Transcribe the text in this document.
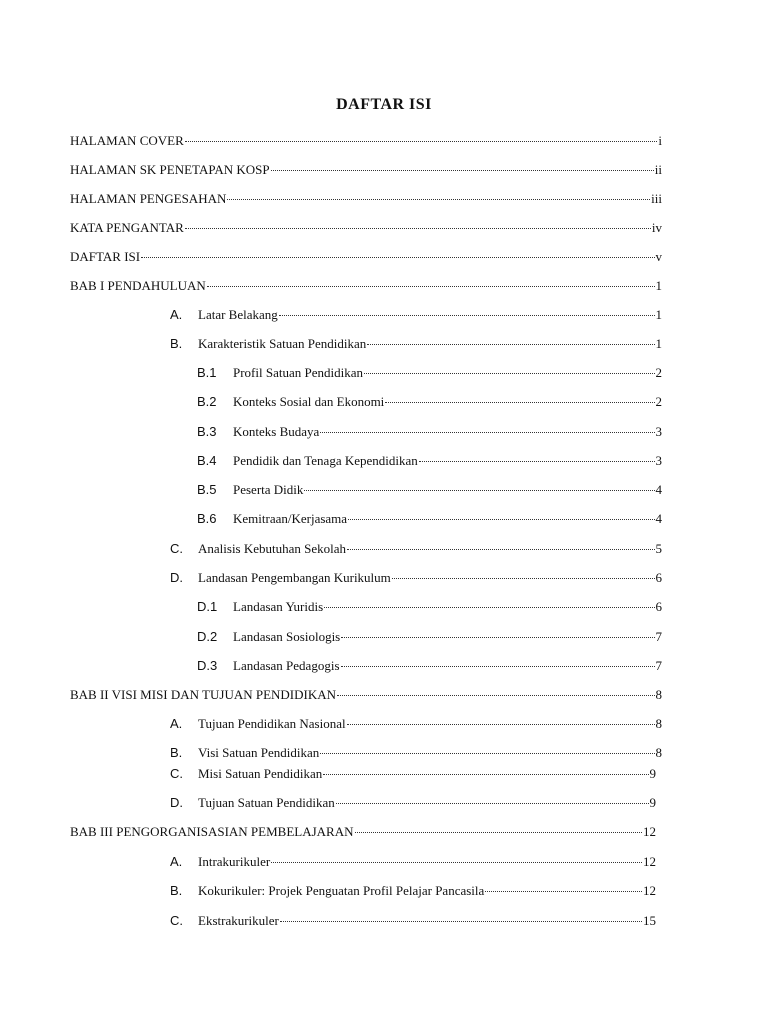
DAFTAR ISI
HALAMAN COVER	i
HALAMAN SK PENETAPAN KOSP	ii
HALAMAN PENGESAHAN	iii
KATA PENGANTAR	iv
DAFTAR ISI	v
BAB I PENDAHULUAN	1
A.	Latar Belakang	1
B.	Karakteristik Satuan Pendidikan	1
B.1	Profil Satuan Pendidikan	2
B.2	Konteks Sosial dan Ekonomi	2
B.3	Konteks Budaya	3
B.4	Pendidik dan Tenaga Kependidikan	3
B.5	Peserta Didik	4
B.6	Kemitraan/Kerjasama	4
C.	Analisis Kebutuhan Sekolah	5
D.	Landasan Pengembangan Kurikulum	6
D.1	Landasan Yuridis	6
D.2	Landasan Sosiologis	7
D.3	Landasan Pedagogis	7
BAB II VISI MISI DAN TUJUAN PENDIDIKAN	8
A.	Tujuan Pendidikan Nasional	8
B.	Visi Satuan Pendidikan	8
C.	Misi Satuan Pendidikan	9
D.	Tujuan Satuan Pendidikan	9
BAB III PENGORGANISASIAN PEMBELAJARAN	12
A.	Intrakurikuler	12
B.	Kokurikuler: Projek Penguatan Profil Pelajar Pancasila	12
C.	Ekstrakurikuler	15
